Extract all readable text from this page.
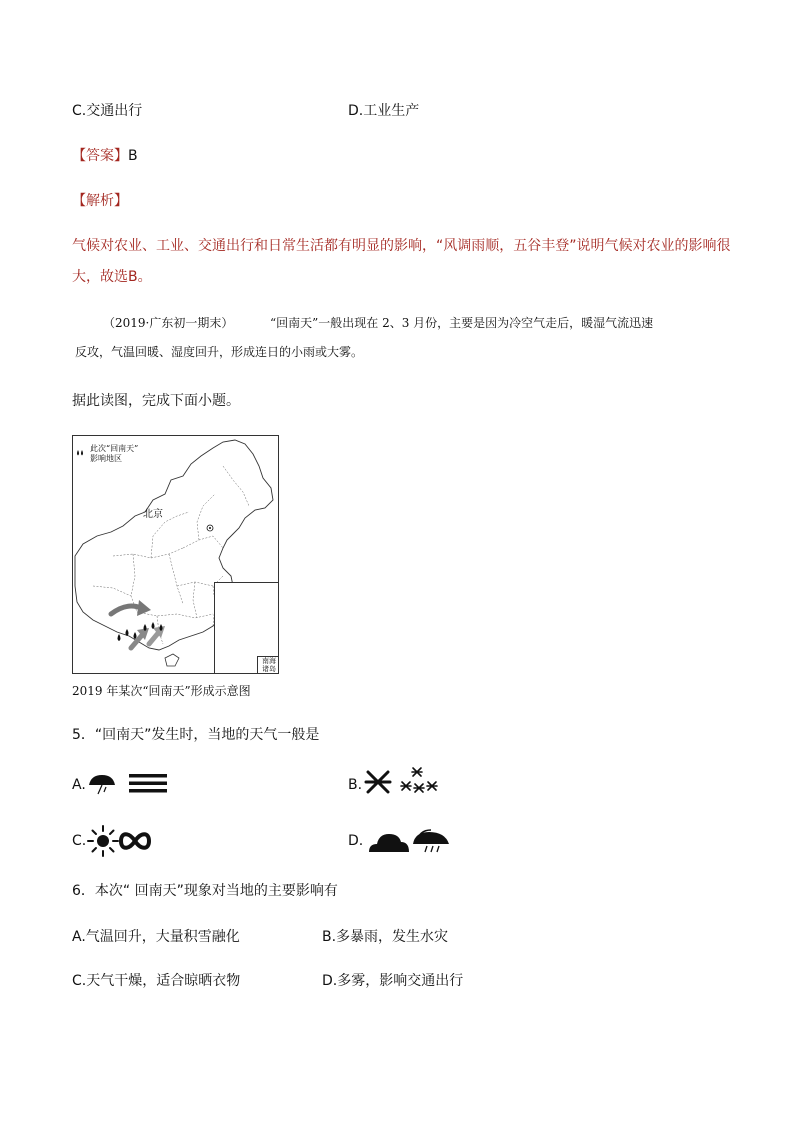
C.交通出行	D.工业生产
【答案】B
【解析】
气候对农业、工业、交通出行和日常生活都有明显的影响，“风调雨顺，五谷丰登”说明气候对农业的影响很
大，故选B。
（2019·广东初一期末）	“回南天”一般出现在 2、3 月份，主要是因为冷空气走后，暖湿气流迅速
反攻，气温回暖、湿度回升，形成连日的小雨或大雾。
据此读图，完成下面小题。
此次“回南天”
影响地区
北京
南海
诸岛
2019 年某次“回南天”形成示意图
5．“回南天”发生时，当地的天气一般是
A.	B.
C.	D.
6．本次“ 回南天”现象对当地的主要影响有
A.气温回升，大量积雪融化	B.多暴雨，发生水灾
C.天气干燥，适合晾晒衣物	D.多雾，影响交通出行
